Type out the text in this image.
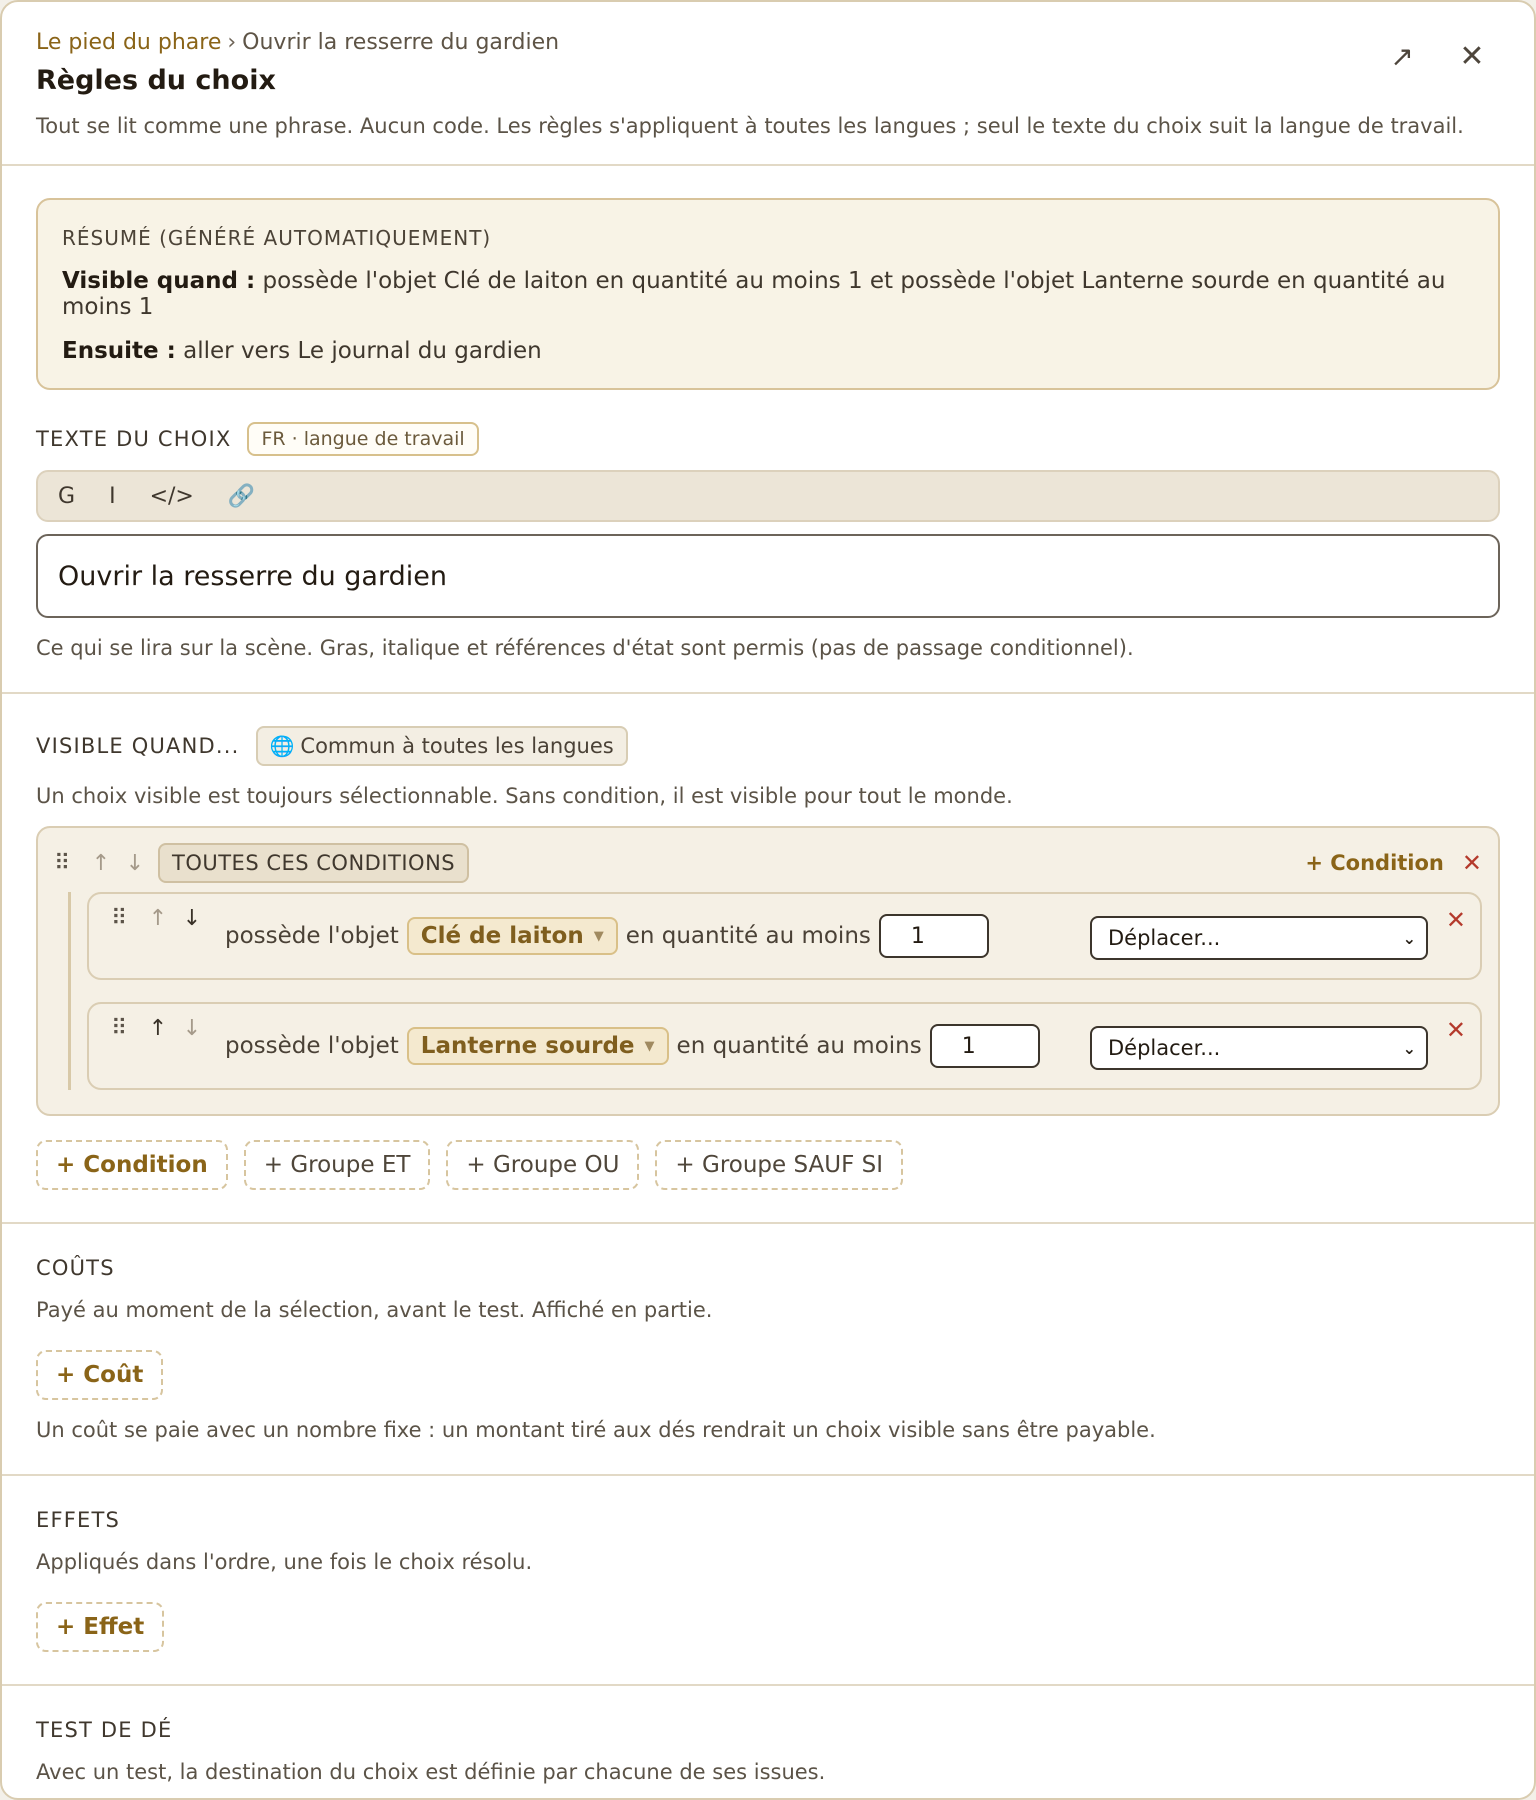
Le pied du phare › Ouvrir la resserre du gardien
Règles du choix
Tout se lit comme une phrase. Aucun code. Les règles s'appliquent à toutes les langues ; seul le texte du choix suit la langue de travail.
↗ ✕
RÉSUMÉ (GÉNÉRÉ AUTOMATIQUEMENT)
Visible quand : possède l'objet Clé de laiton en quantité au moins 1 et possède l'objet Lanterne sourde en quantité au moins 1
Ensuite : aller vers Le journal du gardien
TEXTE DU CHOIX	FR · langue de travail
G I </> 🔗
Ouvrir la resserre du gardien
Ce qui se lira sur la scène. Gras, italique et références d'état sont permis (pas de passage conditionnel).
VISIBLE QUAND... 🌐 Commun à toutes les langues
Un choix visible est toujours sélectionnable. Sans condition, il est visible pour tout le monde.
⠿ ↑ ↓	TOUTES CES CONDITIONS	+ Condition ✕
⠿ ↑ ↓
possède l'objet Clé de laiton ▼ en quantité au moins	1	Déplacer...	⌄
✕
⠿ ↑ ↓
possède l'objet Lanterne sourde ▼ en quantité au moins	1	Déplacer...	⌄
✕
+ Condition	+ Groupe ET	+ Groupe OU	+ Groupe SAUF SI
COÛTS
Payé au moment de la sélection, avant le test. Affiché en partie.
+ Coût
Un coût se paie avec un nombre fixe : un montant tiré aux dés rendrait un choix visible sans être payable.
EFFETS
Appliqués dans l'ordre, une fois le choix résolu.
+ Effet
TEST DE DÉ
Avec un test, la destination du choix est définie par chacune de ses issues.
